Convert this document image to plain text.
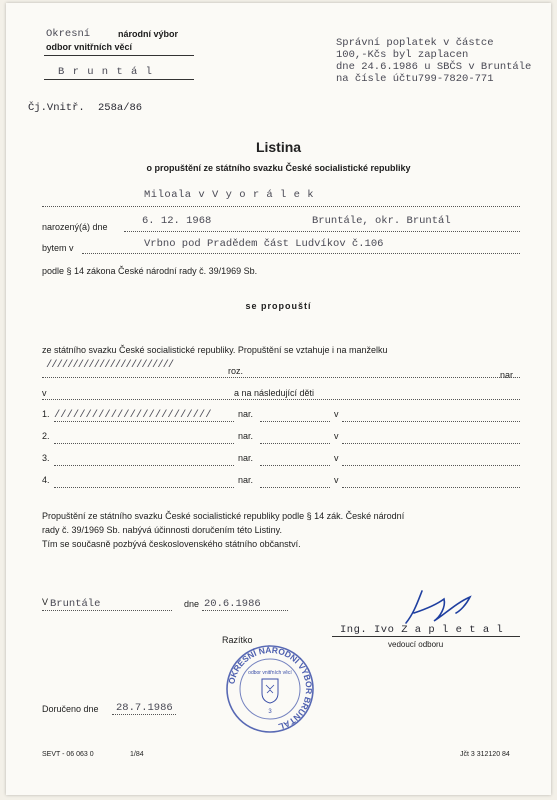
Okresní	národní výbor
odbor vnitřních věcí
B r u n t á l
Čj.Vnitř. 258a/86
Správní poplatek v částce
100,-Kčs byl zaplacen
dne 24.6.1986 u SBČS v Bruntále
na čísle účtu799-7820-771
Listina
o propuštění ze státního svazku České socialistické republiky
Miloala v V y o r á l e k
narozený(á) dne	6. 12. 1968	Bruntále, okr. Bruntál
bytem v	Vrbno pod Pradědem část Ludvíkov č.106
podle § 14 zákona České národní rady č. 39/1969 Sb.
se propouští
ze státního svazku České socialistické republiky. Propuštění se vztahuje i na manželku
////////////////////////	roz.	nar.
v	a na následující děti
1. /////////////////////////	nar.	v
2.	nar.	v
3.	nar.	v
4.	nar.	v
Propuštění ze státního svazku České socialistické republiky podle § 14 zák. České národní
rady č. 39/1969 Sb. nabývá účinnosti doručením této Listiny.
Tím se současně pozbývá československého státního občanství.
V Bruntále	dne 20.6.1986
Ing. Ivo Z a p l e t a l
vedoucí odboru
Razítko
OKRESNÍ NÁRODNÍ VÝBOR BRUNTÁL
odbor vnitřních věcí
3
Doručeno dne 28.7.1986
SEVT - 06 063 0	1/84	Jčt 3 312120 84
